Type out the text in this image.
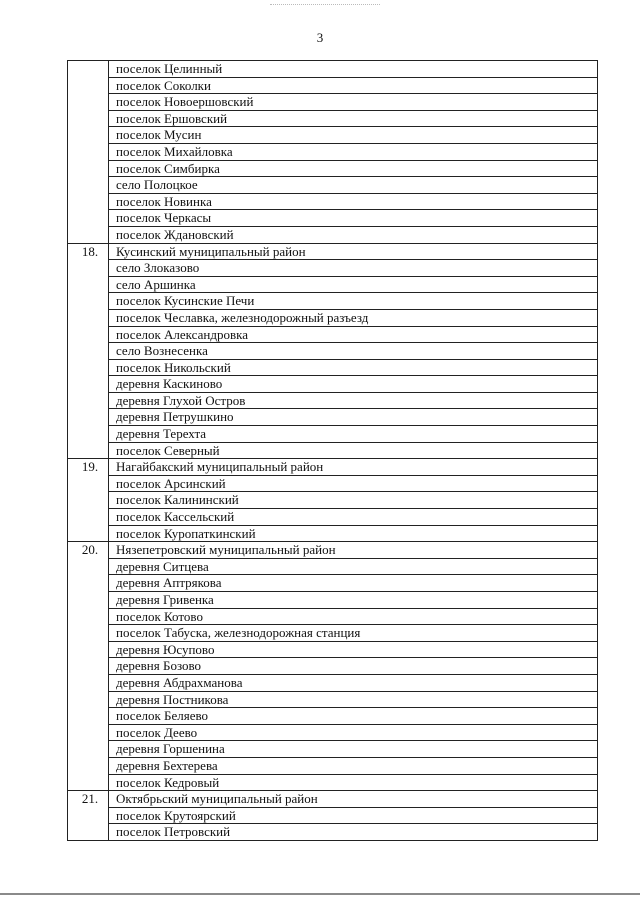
3
	поселок Целинный
	поселок Соколки
	поселок Новоершовский
	поселок Ершовский
	поселок Мусин
	поселок Михайловка
	поселок Симбирка
	село Полоцкое
	поселок Новинка
	поселок Черкасы
	поселок Ждановский
18.	Кусинский муниципальный район
	село Злоказово
	село Аршинка
	поселок Кусинские Печи
	поселок Чеславка, железнодорожный разъезд
	поселок Александровка
	село Вознесенка
	поселок Никольский
	деревня Каскиново
	деревня Глухой Остров
	деревня Петрушкино
	деревня Терехта
	поселок Северный
19.	Нагайбакский муниципальный район
	поселок Арсинский
	поселок Калининский
	поселок Кассельский
	поселок Куропаткинский
20.	Нязепетровский муниципальный район
	деревня Ситцева
	деревня Аптрякова
	деревня Гривенка
	поселок Котово
	поселок Табуска, железнодорожная станция
	деревня Юсупово
	деревня Бозово
	деревня Абдрахманова
	деревня Постникова
	поселок Беляево
	поселок Деево
	деревня Горшенина
	деревня Бехтерева
	поселок Кедровый
21.	Октябрьский муниципальный район
	поселок Крутоярский
	поселок Петровский
